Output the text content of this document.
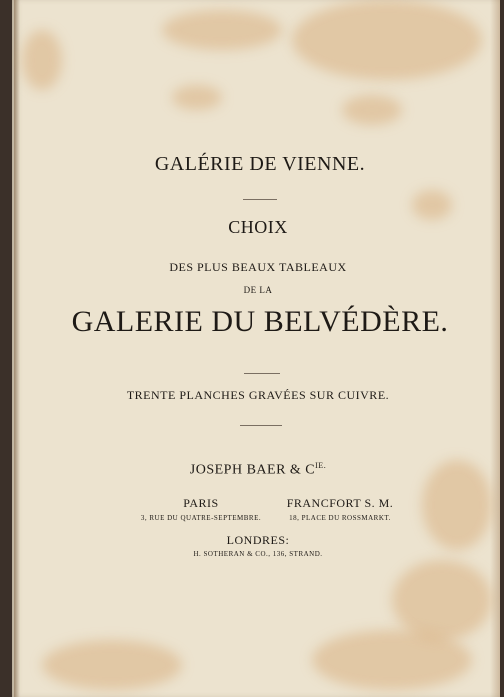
GALÉRIE DE VIENNE.
CHOIX
DES PLUS BEAUX TABLEAUX
DE LA
GALERIE DU BELVÉDÈRE.
TRENTE PLANCHES GRAVÉES SUR CUIVRE.
JOSEPH BAER & $C^{IE.}$
PARIS
3, RUE DU QUATRE-SEPTEMBRE.
FRANCFORT S. M.
18, PLACE DU ROSSMARKT.
LONDRES:
H. SOTHERAN & CO., 136, STRAND.
